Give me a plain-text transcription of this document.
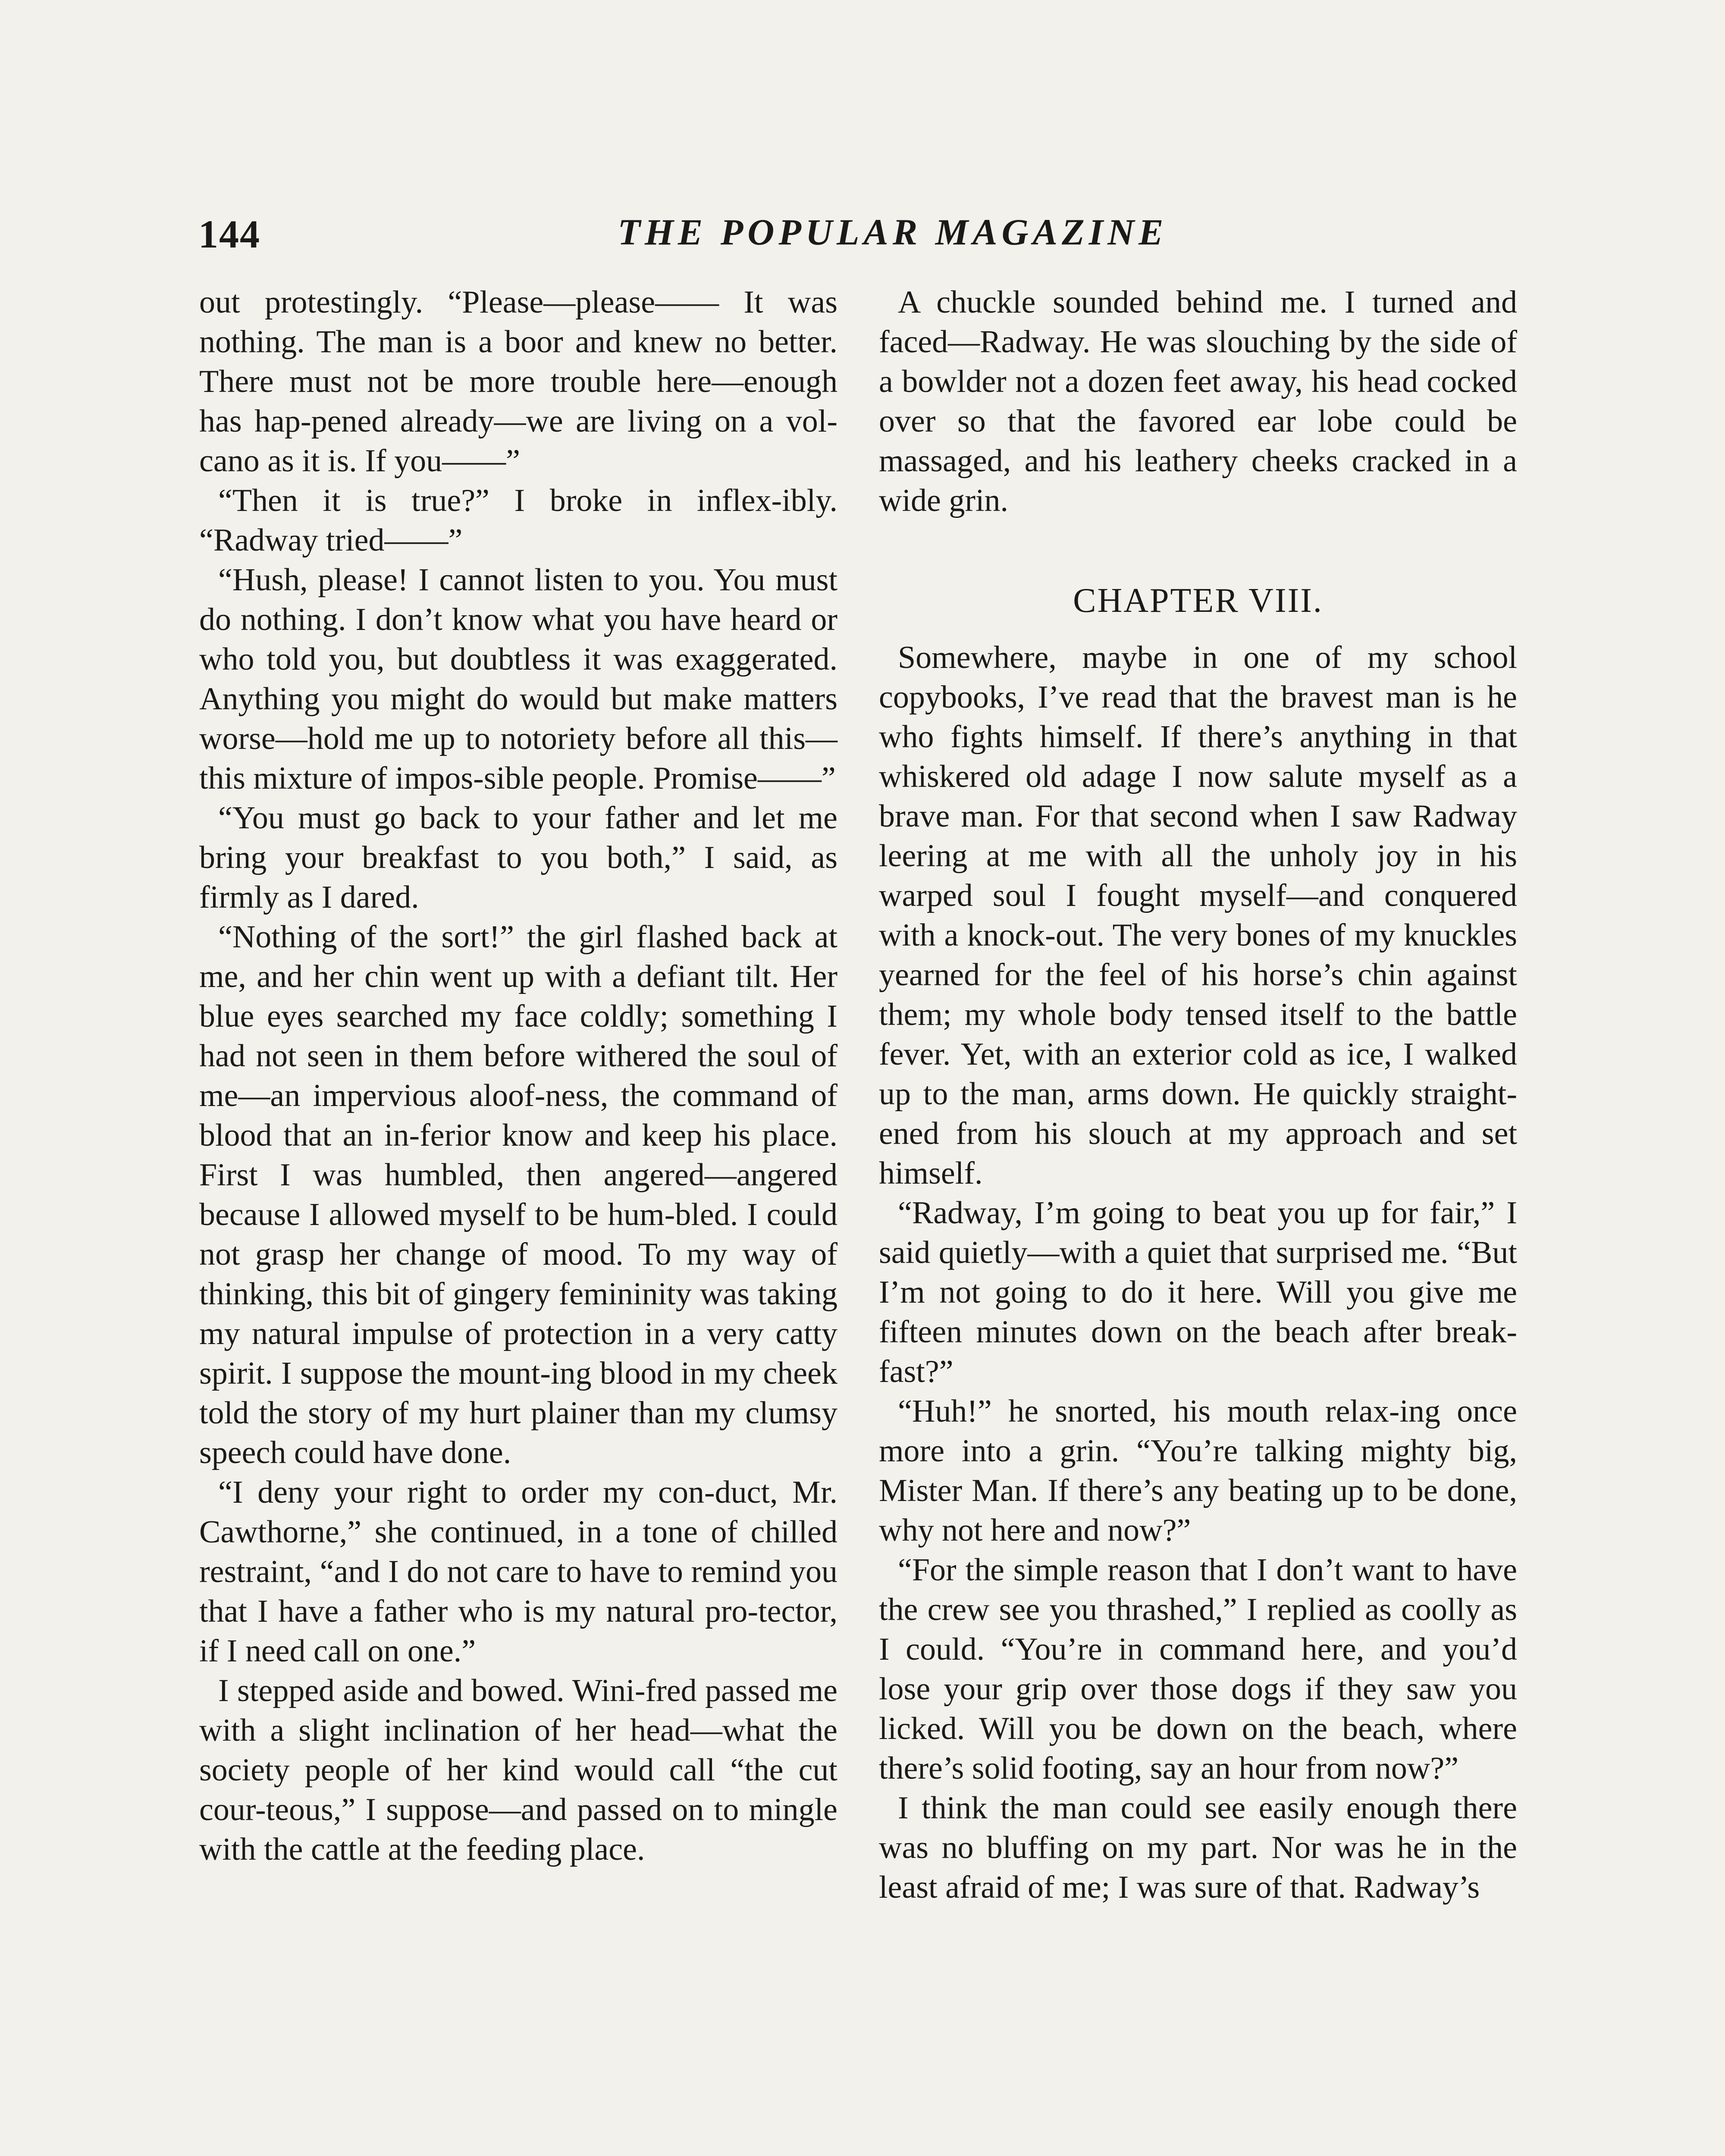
144	THE POPULAR MAGAZINE

out protestingly. “Please—please—— It was nothing. The man is a boor and knew no better. There must not be more trouble here—enough has hap-pened already—we are living on a vol-cano as it is. If you——”

“Then it is true?” I broke in inflex-ibly. “Radway tried——”

“Hush, please! I cannot listen to you. You must do nothing. I don’t know what you have heard or who told you, but doubtless it was exaggerated. Anything you might do would but make matters worse—hold me up to notoriety before all this—this mixture of impos-sible people. Promise——”

“You must go back to your father and let me bring your breakfast to you both,” I said, as firmly as I dared.

“Nothing of the sort!” the girl flashed back at me, and her chin went up with a defiant tilt. Her blue eyes searched my face coldly; something I had not seen in them before withered the soul of me—an impervious aloof-ness, the command of blood that an in-ferior know and keep his place. First I was humbled, then angered—angered because I allowed myself to be hum-bled. I could not grasp her change of mood. To my way of thinking, this bit of gingery femininity was taking my natural impulse of protection in a very catty spirit. I suppose the mount-ing blood in my cheek told the story of my hurt plainer than my clumsy speech could have done.

“I deny your right to order my con-duct, Mr. Cawthorne,” she continued, in a tone of chilled restraint, “and I do not care to have to remind you that I have a father who is my natural pro-tector, if I need call on one.”

I stepped aside and bowed. Wini-fred passed me with a slight inclination of her head—what the society people of her kind would call “the cut cour-teous,” I suppose—and passed on to mingle with the cattle at the feeding place.

A chuckle sounded behind me. I turned and faced—Radway. He was slouching by the side of a bowlder not a dozen feet away, his head cocked over so that the favored ear lobe could be massaged, and his leathery cheeks cracked in a wide grin.

CHAPTER VIII.

Somewhere, maybe in one of my school copybooks, I’ve read that the bravest man is he who fights himself. If there’s anything in that whiskered old adage I now salute myself as a brave man. For that second when I saw Radway leering at me with all the unholy joy in his warped soul I fought myself—and conquered with a knock-out. The very bones of my knuckles yearned for the feel of his horse’s chin against them; my whole body tensed itself to the battle fever. Yet, with an exterior cold as ice, I walked up to the man, arms down. He quickly straight-ened from his slouch at my approach and set himself.

“Radway, I’m going to beat you up for fair,” I said quietly—with a quiet that surprised me. “But I’m not going to do it here. Will you give me fifteen minutes down on the beach after break-fast?”

“Huh!” he snorted, his mouth relax-ing once more into a grin. “You’re talking mighty big, Mister Man. If there’s any beating up to be done, why not here and now?”

“For the simple reason that I don’t want to have the crew see you thrashed,” I replied as coolly as I could. “You’re in command here, and you’d lose your grip over those dogs if they saw you licked. Will you be down on the beach, where there’s solid footing, say an hour from now?”

I think the man could see easily enough there was no bluffing on my part. Nor was he in the least afraid of me; I was sure of that. Radway’s
